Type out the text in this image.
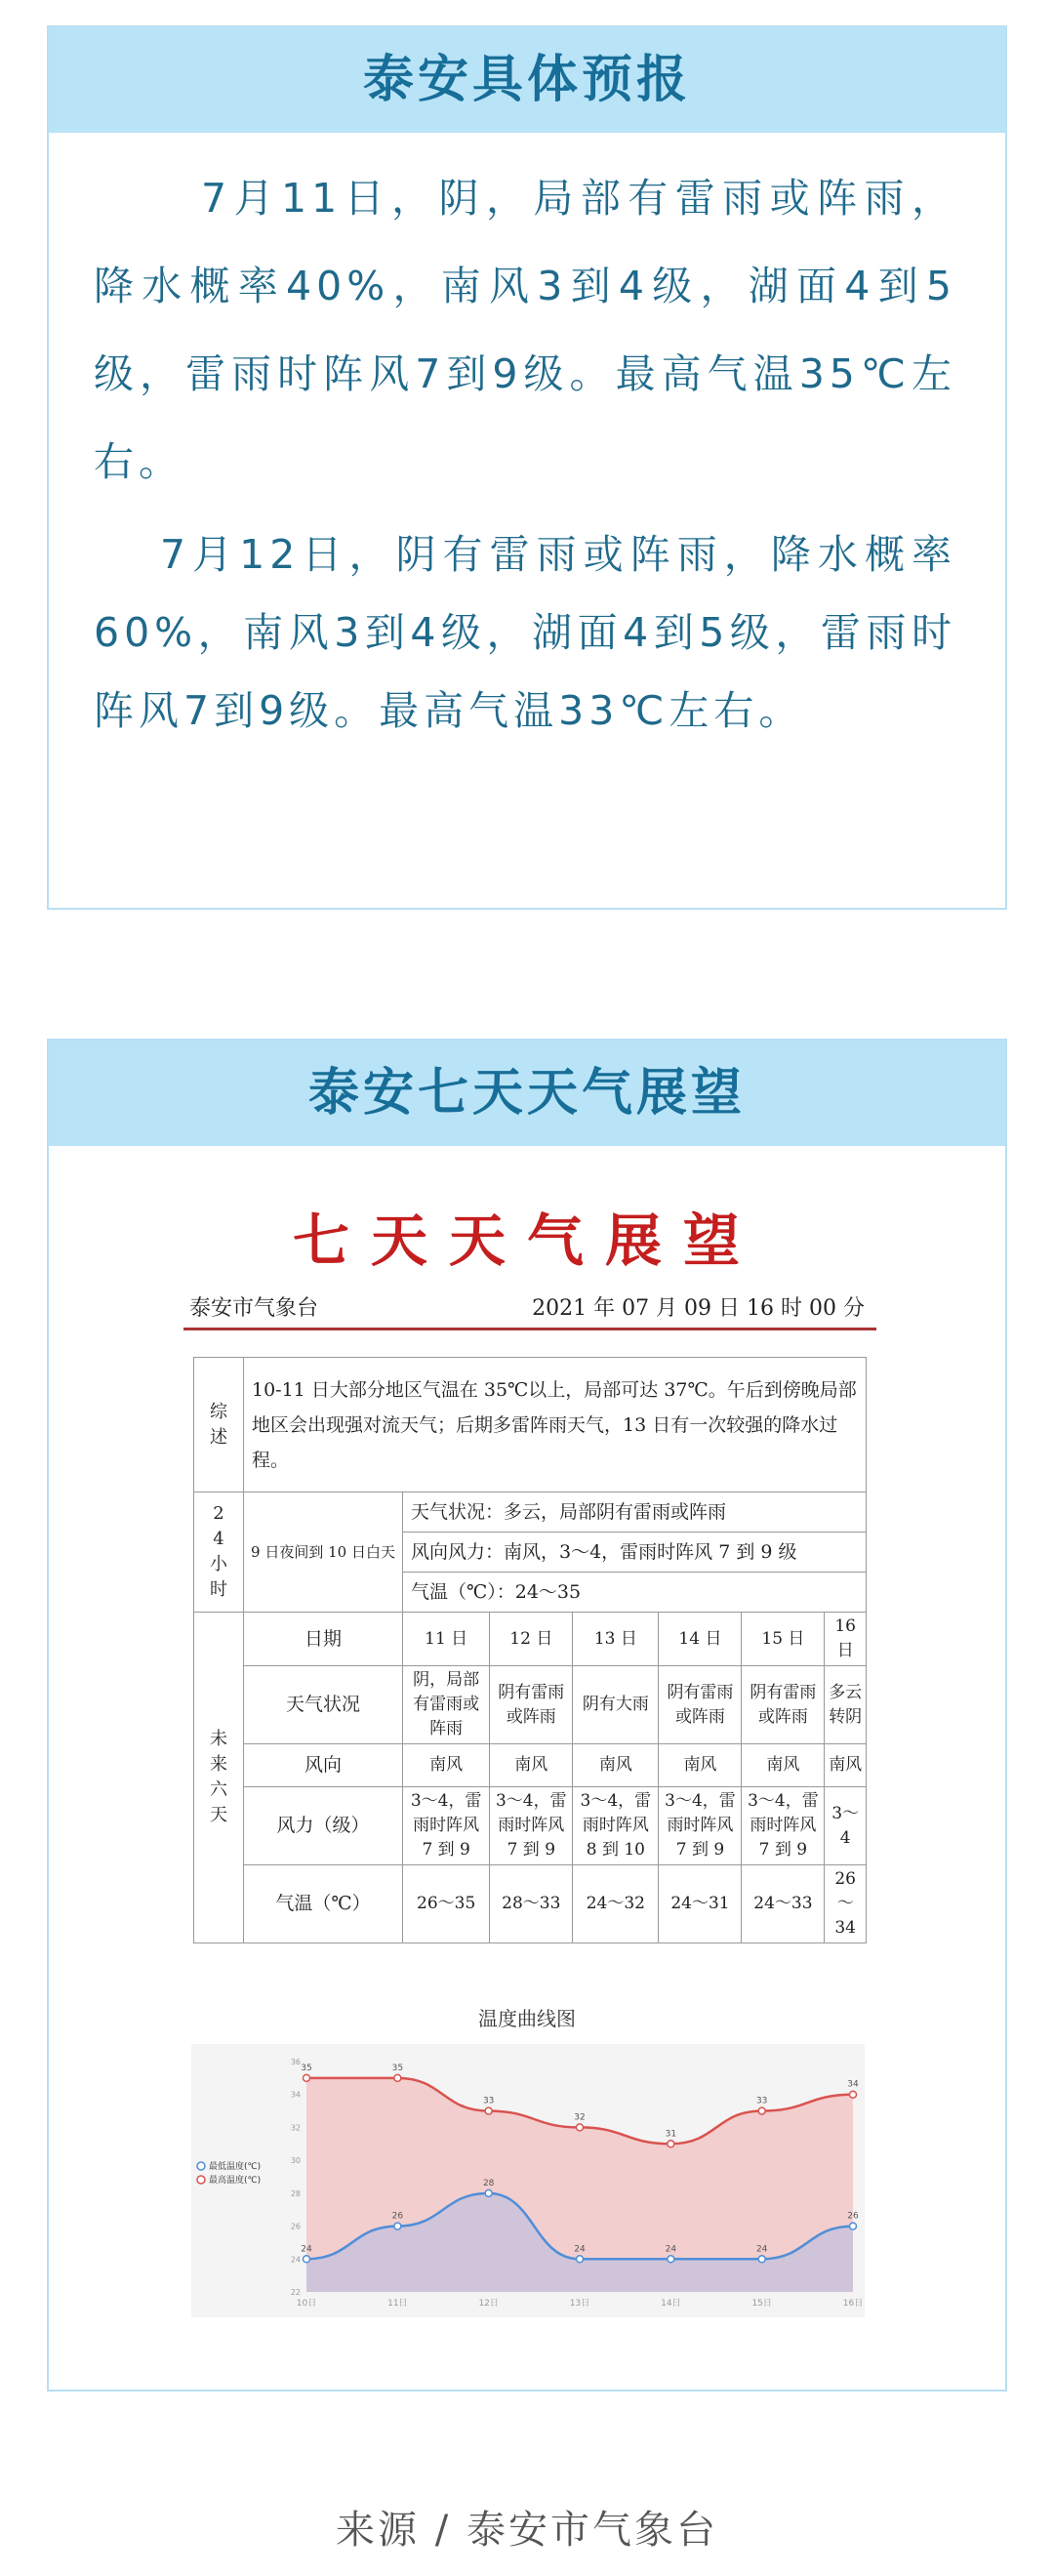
泰安具体预报

7月11日，阴，局部有雷雨或阵雨，降水概率40%，南风3到4级，湖面4到5级，雷雨时阵风7到9级。最高气温35℃左右。

7月12日，阴有雷雨或阵雨，降水概率60%，南风3到4级，湖面4到5级，雷雨时阵风7到9级。最高气温33℃左右。

泰安七天天气展望
七天天气展望
泰安市气象台	2021 年 07 月 09 日 16 时 00 分
综述	10-11 日大部分地区气温在 35℃以上，局部可达 37℃。午后到傍晚局部地区会出现强对流天气；后期多雷阵雨天气，13 日有一次较强的降水过程。						
24小时	9 日夜间到 10 日白天	天气状况：多云，局部阴有雷雨或阵雨					
		风向风力：南风，3～4，雷雨时阵风 7 到 9 级					
		气温（℃）：24～35					
未来六天	日期	11 日	12 日	13 日	14 日	15 日	16 日
	天气状况	阴，局部有雷雨或阵雨	阴有雷雨或阵雨	阴有大雨	阴有雷雨或阵雨	阴有雷雨或阵雨	多云转阴
	风向	南风	南风	南风	南风	南风	南风
	风力（级）	3～4，雷雨时阵风 7 到 9	3～4，雷雨时阵风 7 到 9	3～4，雷雨时阵风 8 到 10	3～4，雷雨时阵风 7 到 9	3～4，雷雨时阵风 7 到 9	3～4
	气温（℃）	26～35	28～33	24～32	24～31	24～33	26～34
温度曲线图
22
24
26
28
30
32
34
36
10日	11日	12日	13日	14日	15日	16日
35	35
33
32
31
33
34
24
26
28
24	24	24
26
最低温度(℃)
最高温度(℃)
来源 / 泰安市气象台
